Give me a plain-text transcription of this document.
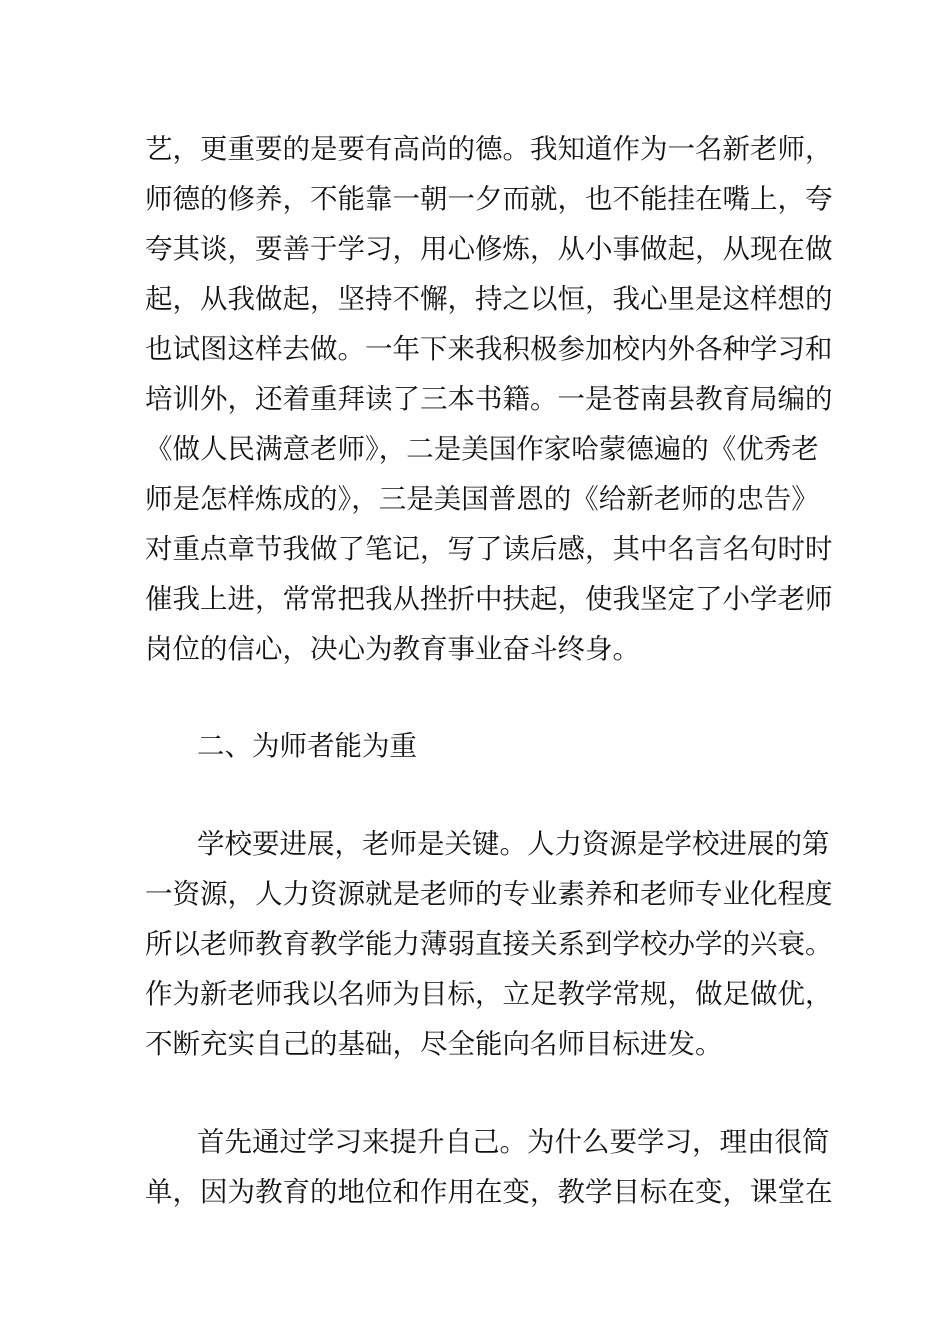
艺，更重要的是要有高尚的德。我知道作为一名新老师，
师德的修养，不能靠一朝一夕而就，也不能挂在嘴上，夸
夸其谈，要善于学习，用心修炼，从小事做起，从现在做
起，从我做起，坚持不懈，持之以恒，我心里是这样想的
也试图这样去做。一年下来我积极参加校内外各种学习和
培训外，还着重拜读了三本书籍。一是苍南县教育局编的
《做人民满意老师》，二是美国作家哈蒙德遍的《优秀老
师是怎样炼成的》，三是美国普恩的《给新老师的忠告》
对重点章节我做了笔记，写了读后感，其中名言名句时时
催我上进，常常把我从挫折中扶起，使我坚定了小学老师
岗位的信心，决心为教育事业奋斗终身。
二、为师者能为重
学校要进展，老师是关键。人力资源是学校进展的第
一资源，人力资源就是老师的专业素养和老师专业化程度
所以老师教育教学能力薄弱直接关系到学校办学的兴衰。
作为新老师我以名师为目标，立足教学常规，做足做优，
不断充实自己的基础，尽全能向名师目标进发。
首先通过学习来提升自己。为什么要学习，理由很简
单，因为教育的地位和作用在变，教学目标在变，课堂在
